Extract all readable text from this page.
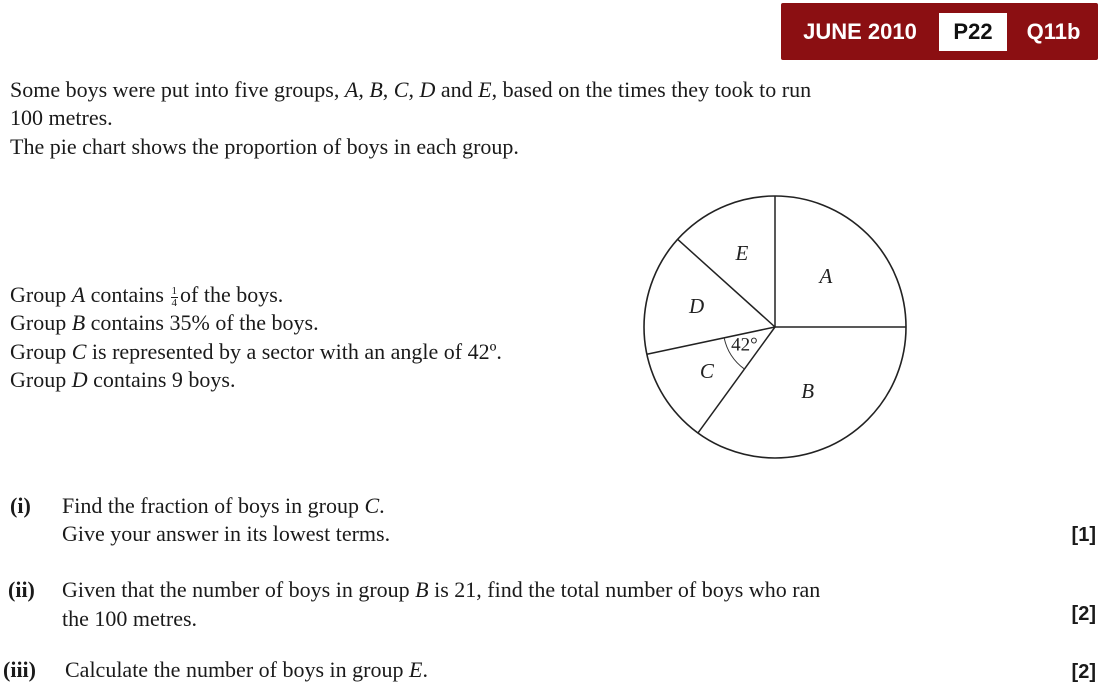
JUNE 2010	P22	Q11b
Some boys were put into five groups, A, B, C, D and E, based on the times they took to run
100 metres.
The pie chart shows the proportion of boys in each group.
Group A contains $\frac{1}{4}$ of the boys.
Group B contains 35% of the boys.
Group C is represented by a sector with an angle of 42º.
Group D contains 9 boys.
A
B
C
D
E
42°
(i) Find the fraction of boys in group C.
Give your answer in its lowest terms.	[1]
(ii) Given that the number of boys in group B is 21, find the total number of boys who ran
the 100 metres.	[2]
(iii) Calculate the number of boys in group E.	[2]
